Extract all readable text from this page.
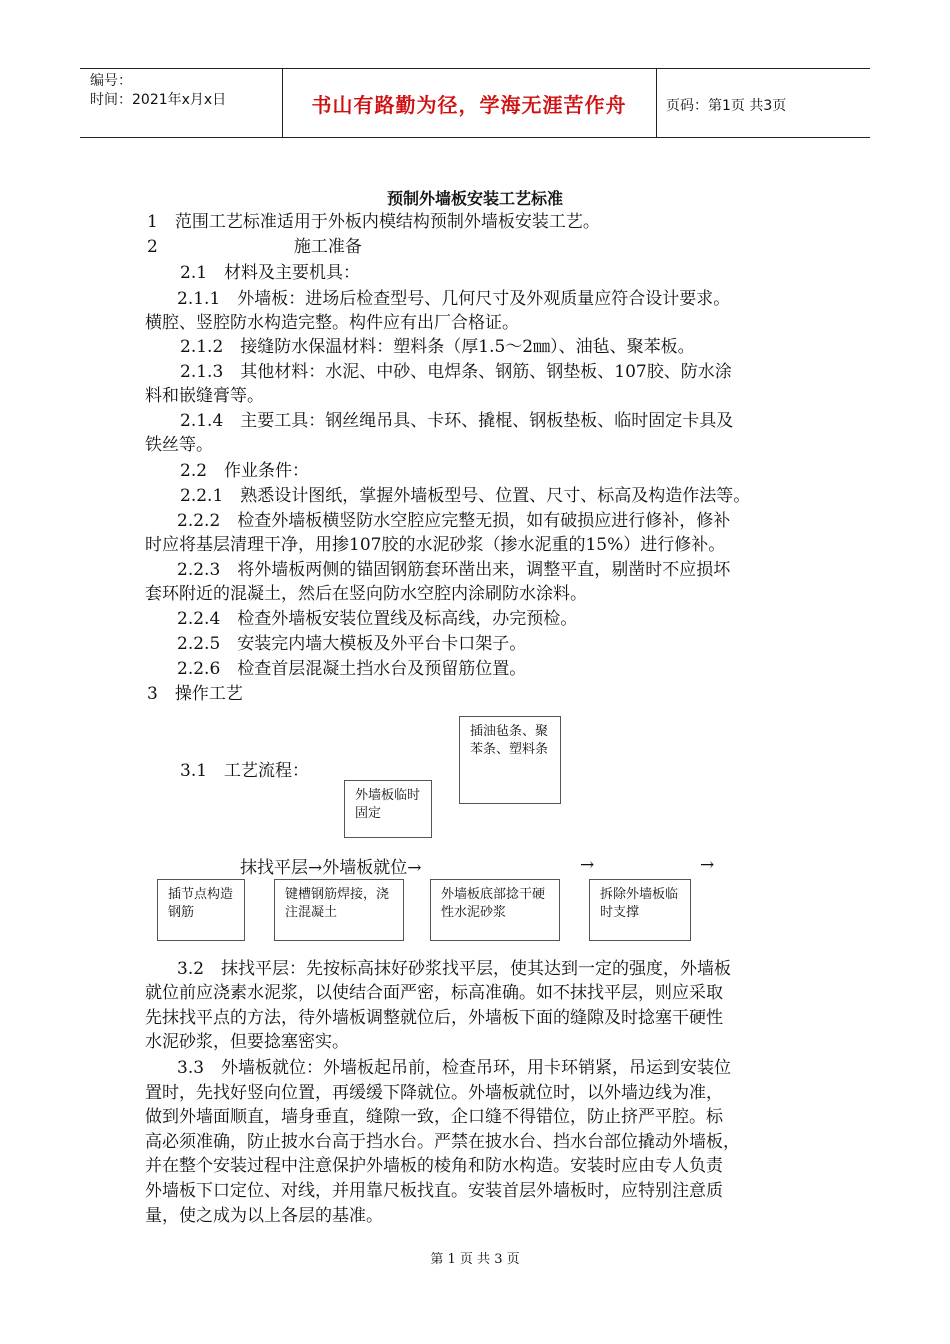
编号：
时间：2021年x月x日	书山有路勤为径，学海无涯苦作舟	页码：第1页 共3页
预制外墙板安装工艺标准
1　范围工艺标准适用于外板内模结构预制外墙板安装工艺。
2　　　　　　　　施工准备
2.1　材料及主要机具：
2.1.1　外墙板：进场后检查型号、几何尺寸及外观质量应符合设计要求。
横腔、竖腔防水构造完整。构件应有出厂合格证。
2.1.2　接缝防水保温材料：塑料条（厚1.5～2㎜）、油毡、聚苯板。
2.1.3　其他材料：水泥、中砂、电焊条、钢筋、钢垫板、107胶、防水涂
料和嵌缝膏等。
2.1.4　主要工具：钢丝绳吊具、卡环、撬棍、钢板垫板、临时固定卡具及
铁丝等。
2.2　作业条件：
2.2.1　熟悉设计图纸，掌握外墙板型号、位置、尺寸、标高及构造作法等。
2.2.2　检查外墙板横竖防水空腔应完整无损，如有破损应进行修补，修补
时应将基层清理干净，用掺107胶的水泥砂浆（掺水泥重的15%）进行修补。
2.2.3　将外墙板两侧的锚固钢筋套环凿出来，调整平直，剔凿时不应损坏
套环附近的混凝土，然后在竖向防水空腔内涂刷防水涂料。
2.2.4　检查外墙板安装位置线及标高线，办完预检。
2.2.5　安装完内墙大模板及外平台卡口架子。
2.2.6　检查首层混凝土挡水台及预留筋位置。
3　操作工艺
插油毡条、聚苯条、塑料条
3.1　工艺流程：
外墙板临时固定
抹找平层→外墙板就位→	→	→
插节点构造钢筋
键槽钢筋焊接，浇注混凝土
外墙板底部捻干硬性水泥砂浆
拆除外墙板临时支撑
3.2　抹找平层：先按标高抹好砂浆找平层，使其达到一定的强度，外墙板
就位前应浇素水泥浆，以使结合面严密，标高准确。如不抹找平层，则应采取
先抹找平点的方法，待外墙板调整就位后，外墙板下面的缝隙及时捻塞干硬性
水泥砂浆，但要捻塞密实。
3.3　外墙板就位：外墙板起吊前，检查吊环，用卡环销紧，吊运到安装位
置时，先找好竖向位置，再缓缓下降就位。外墙板就位时，以外墙边线为准，
做到外墙面顺直，墙身垂直，缝隙一致，企口缝不得错位，防止挤严平腔。标
高必须准确，防止披水台高于挡水台。严禁在披水台、挡水台部位撬动外墙板，
并在整个安装过程中注意保护外墙板的棱角和防水构造。安装时应由专人负责
外墙板下口定位、对线，并用靠尺板找直。安装首层外墙板时，应特别注意质
量，使之成为以上各层的基准。
第 1 页 共 3 页
